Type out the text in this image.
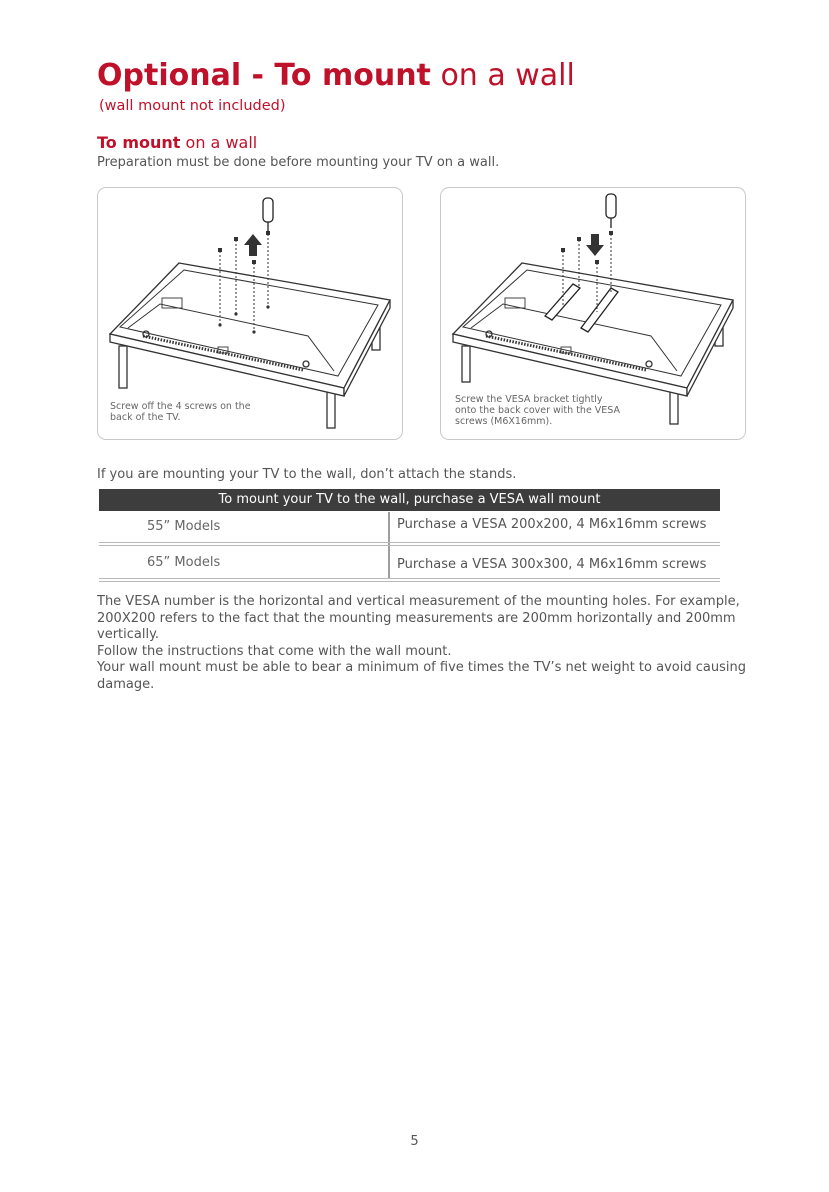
Optional - To mount on a wall
(wall mount not included)
To mount on a wall
Preparation must be done before mounting your TV on a wall.
Screw off the 4 screws on the
back of the TV.
Screw the VESA bracket tightly
onto the back cover with the VESA
screws (M6X16mm).
If you are mounting your TV to the wall, don’t attach the stands.
To mount your TV to the wall, purchase a VESA wall mount
55” Models	Purchase a VESA 200x200, 4 M6x16mm screws
65” Models	Purchase a VESA 300x300, 4 M6x16mm screws

The VESA number is the horizontal and vertical measurement of the mounting holes. For example, 200X200 refers to the fact that the mounting measurements are 200mm horizontally and 200mm vertically.

Follow the instructions that come with the wall mount.

Your wall mount must be able to bear a minimum of five times the TV’s net weight to avoid causing damage.

5
